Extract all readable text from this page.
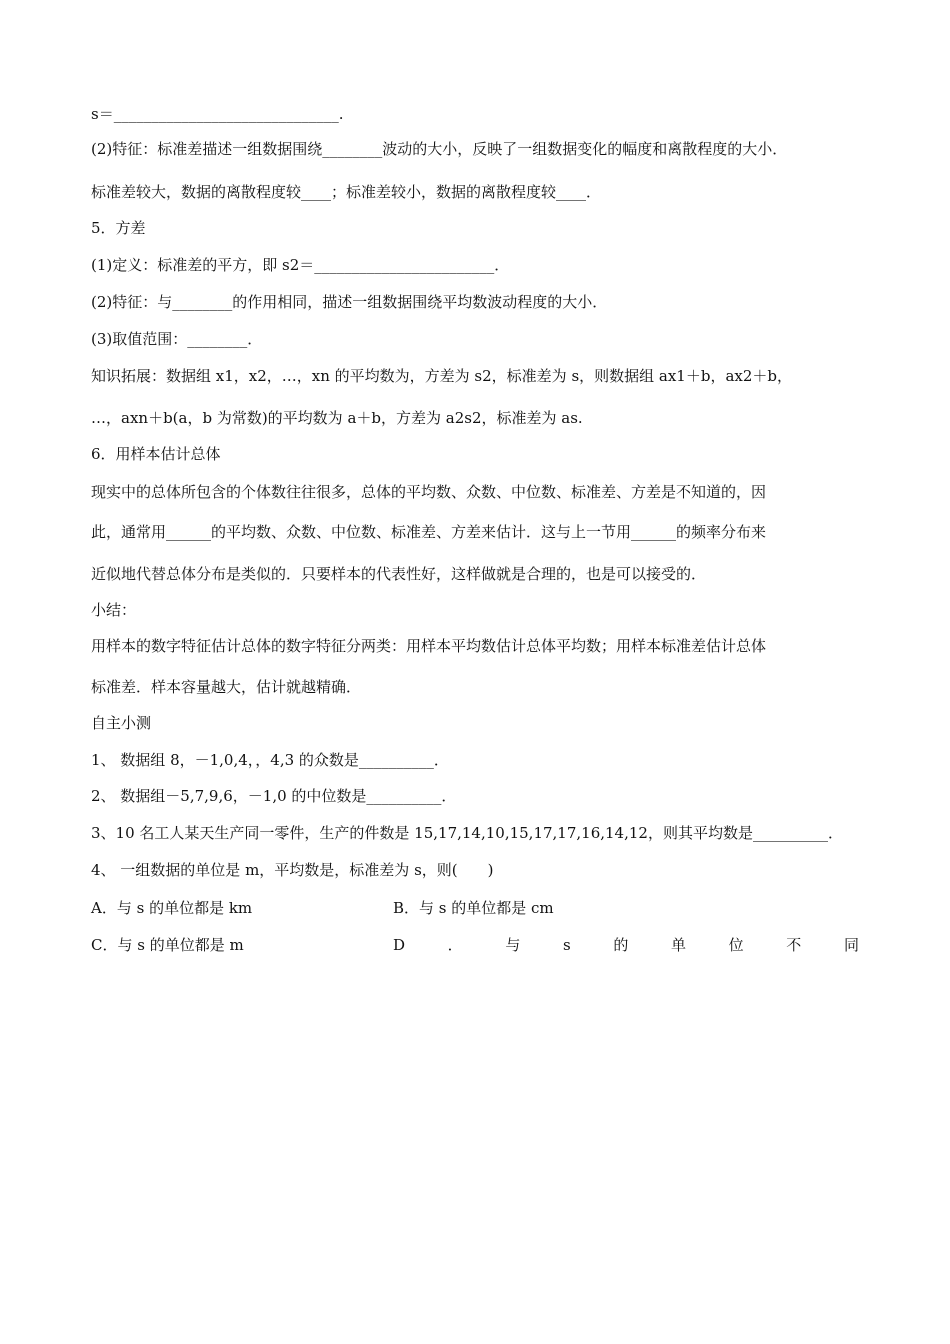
s＝______________________________.
(2)特征：标准差描述一组数据围绕________波动的大小，反映了一组数据变化的幅度和离散程度的大小．
标准差较大，数据的离散程度较____；标准差较小，数据的离散程度较____．
5．方差
(1)定义：标准差的平方，即 s2＝________________________．
(2)特征：与________的作用相同，描述一组数据围绕平均数波动程度的大小．
(3)取值范围：________．
知识拓展：数据组 x1，x2，…，xn 的平均数为，方差为 s2，标准差为 s，则数据组 ax1＋b，ax2＋b，
…，axn＋b(a，b 为常数)的平均数为 a＋b，方差为 a2s2，标准差为 as.
6．用样本估计总体
现实中的总体所包含的个体数往往很多，总体的平均数、众数、中位数、标准差、方差是不知道的，因
此，通常用______的平均数、众数、中位数、标准差、方差来估计．这与上一节用______的频率分布来
近似地代替总体分布是类似的．只要样本的代表性好，这样做就是合理的，也是可以接受的．
小结：
用样本的数字特征估计总体的数字特征分两类：用样本平均数估计总体平均数；用样本标准差估计总体
标准差．样本容量越大，估计就越精确．
自主小测
1、 数据组 8，－1,0,4，，4,3 的众数是__________．
2、 数据组－5,7,9,6，－1,0 的中位数是__________．
3、10 名工人某天生产同一零件，生产的件数是 15,17,14,10,15,17,17,16,14,12，则其平均数是__________．
4、 一组数据的单位是 m，平均数是，标准差为 s，则(　　)
A．与 s 的单位都是 km	B．与 s 的单位都是 cm
C．与 s 的单位都是 m	D	．	与	s	的	单	位	不	同
